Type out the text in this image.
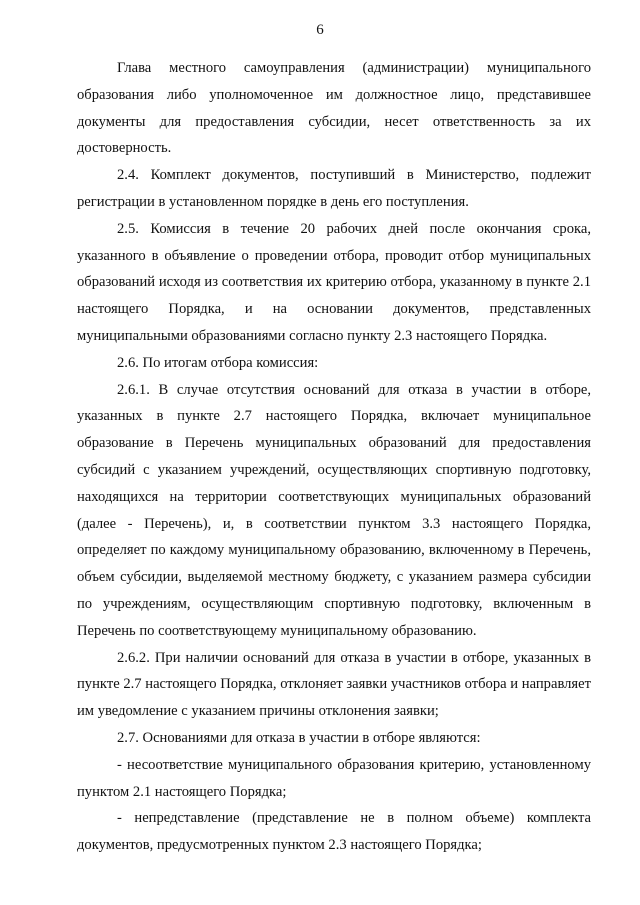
6

Глава местного самоуправления (администрации) муниципального образования либо уполномоченное им должностное лицо, представившее документы для предоставления субсидии, несет ответственность за их достоверность.

2.4. Комплект документов, поступивший в Министерство, подлежит регистрации в установленном порядке в день его поступления.

2.5. Комиссия в течение 20 рабочих дней после окончания срока, указанного в объявление о проведении отбора, проводит отбор муниципальных образований исходя из соответствия их критерию отбора, указанному в пункте 2.1 настоящего Порядка, и на основании документов, представленных муниципальными образованиями согласно пункту 2.3 настоящего Порядка.

2.6. По итогам отбора комиссия:

2.6.1. В случае отсутствия оснований для отказа в участии в отборе, указанных в пункте 2.7 настоящего Порядка, включает муниципальное образование в Перечень муниципальных образований для предоставления субсидий с указанием учреждений, осуществляющих спортивную подготовку, находящихся на территории соответствующих муниципальных образований (далее - Перечень), и, в соответствии пунктом 3.3 настоящего Порядка, определяет по каждому муниципальному образованию, включенному в Перечень, объем субсидии, выделяемой местному бюджету, с указанием размера субсидии по учреждениям, осуществляющим спортивную подготовку, включенным в Перечень по соответствующему муниципальному образованию.

2.6.2. При наличии оснований для отказа в участии в отборе, указанных в пункте 2.7 настоящего Порядка, отклоняет заявки участников отбора и направляет им уведомление с указанием причины отклонения заявки;

2.7. Основаниями для отказа в участии в отборе являются:

- несоответствие муниципального образования критерию, установленному пунктом 2.1 настоящего Порядка;

- непредставление (представление не в полном объеме) комплекта документов, предусмотренных пунктом 2.3 настоящего Порядка;
